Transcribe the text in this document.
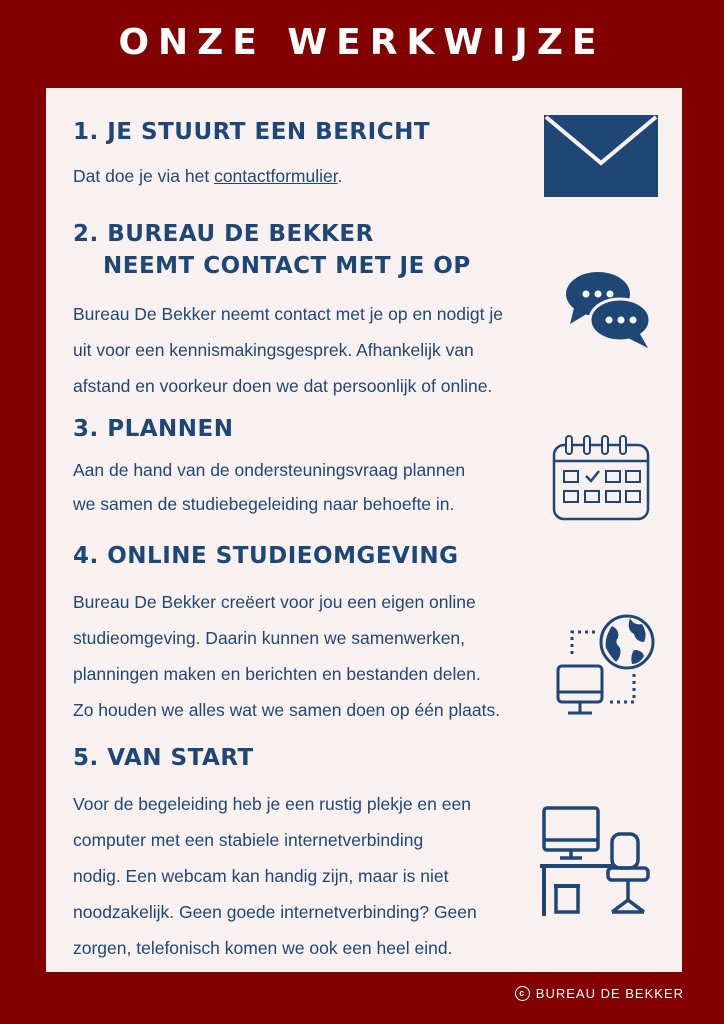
ONZE WERKWIJZE
1. JE STUURT EEN BERICHT

Dat doe je via het contactformulier.

2. BUREAU DE BEKKER
NEEMT CONTACT MET JE OP

Bureau De Bekker neemt contact met je op en nodigt je
uit voor een kennismakingsgesprek. Afhankelijk van
afstand en voorkeur doen we dat persoonlijk of online.

3. PLANNEN

Aan de hand van de ondersteuningsvraag plannen
we samen de studiebegeleiding naar behoefte in.

4. ONLINE STUDIEOMGEVING

Bureau De Bekker creëert voor jou een eigen online
studieomgeving. Daarin kunnen we samenwerken,
planningen maken en berichten en bestanden delen.
Zo houden we alles wat we samen doen op één plaats.

5. VAN START

Voor de begeleiding heb je een rustig plekje en een
computer met een stabiele internetverbinding
nodig. Een webcam kan handig zijn, maar is niet
noodzakelijk. Geen goede internetverbinding? Geen
zorgen, telefonisch komen we ook een heel eind.

c BUREAU DE BEKKER
